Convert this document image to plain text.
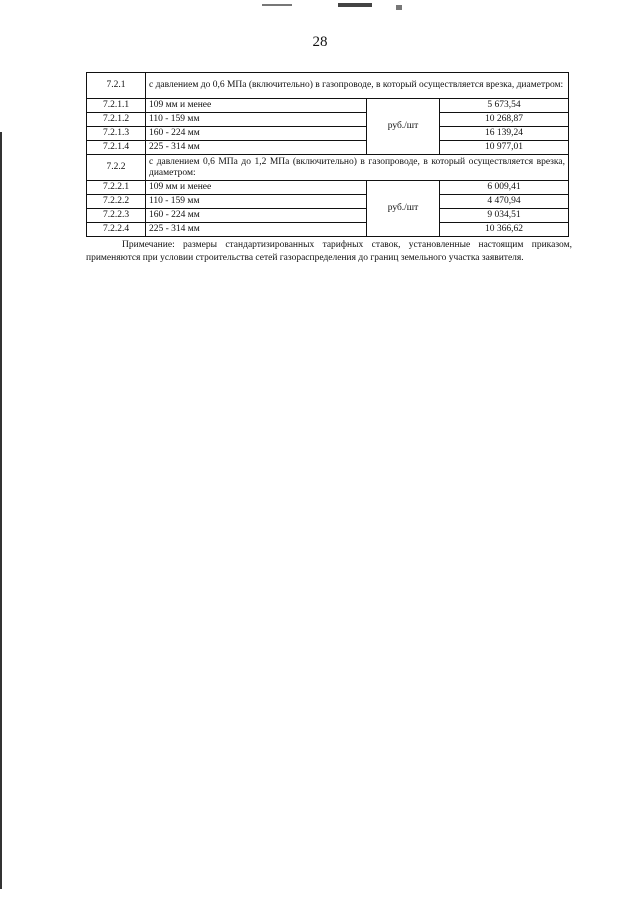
28
7.2.1	с давлением до 0,6 МПа (включительно) в газопроводе, в который осуществляется врезка, диаметром:		
7.2.1.1	109 мм и менее	руб./шт	5 673,54
7.2.1.2	110 - 159 мм		10 268,87
7.2.1.3	160 - 224 мм		16 139,24
7.2.1.4	225 - 314 мм		10 977,01
7.2.2	с давлением 0,6 МПа до 1,2 МПа (включительно) в газопроводе, в который осуществляется врезка, диаметром:		
7.2.2.1	109 мм и менее	руб./шт	6 009,41
7.2.2.2	110 - 159 мм		4 470,94
7.2.2.3	160 - 224 мм		9 034,51
7.2.2.4	225 - 314 мм		10 366,62
Примечание: размеры стандартизированных тарифных ставок, установленные настоящим приказом, применяются при условии строительства сетей газораспределения до границ земельного участка заявителя.
